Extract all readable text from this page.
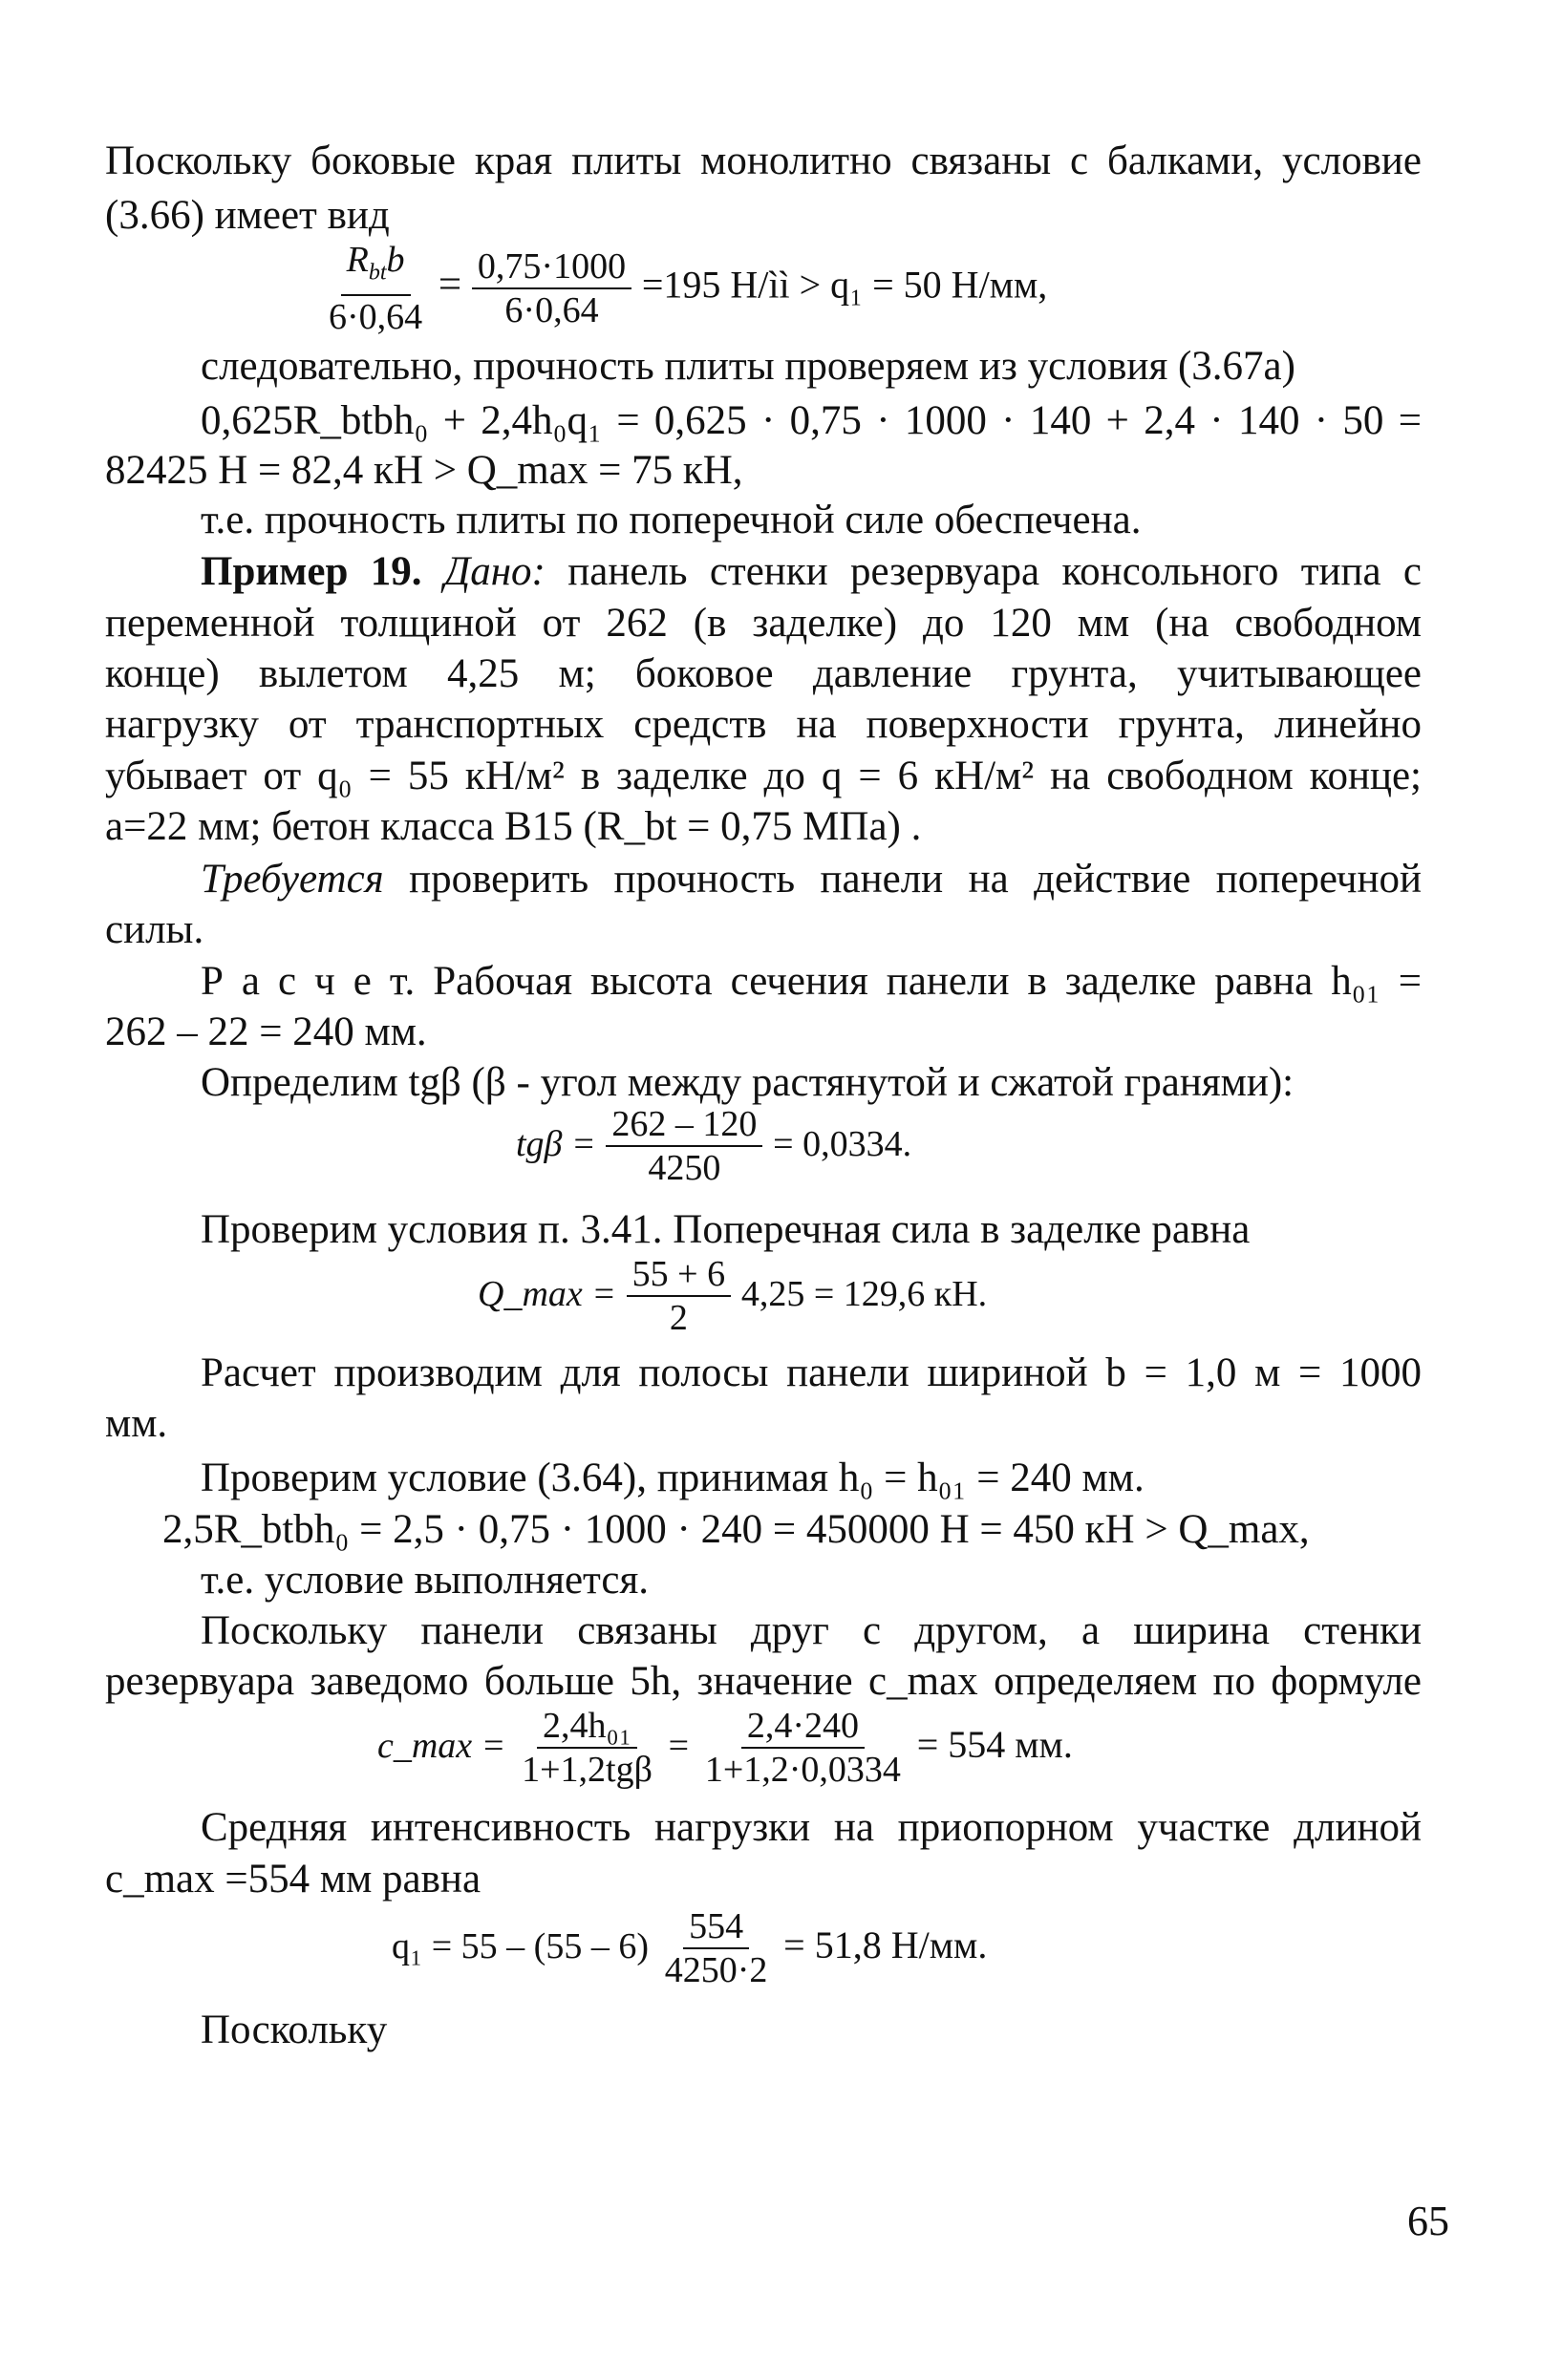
Поскольку боковые края плиты монолитно связаны с балками, условие
(3.66) имеет вид
$\frac{R_{bt}b}{6\cdot 0,64} = \frac{0,75\cdot 1000}{6\cdot 0,64} =195$ Н/ìì > q₁ = 50 Н/мм,
следовательно, прочность плиты проверяем из условия (3.67а)
0,625R_btbh₀ + 2,4h₀q₁ = 0,625 · 0,75 · 1000 · 140 + 2,4 · 140 · 50 =
82425 Н = 82,4 кН > Q_max = 75 кН,
т.е. прочность плиты по поперечной силе обеспечена.
Пример 19. Дано: панель стенки резервуара консольного типа с
переменной толщиной от 262 (в заделке) до 120 мм (на свободном
конце) вылетом 4,25 м; боковое давление грунта, учитывающее
нагрузку от транспортных средств на поверхности грунта, линейно
убывает от q₀ = 55 кН/м² в заделке до q = 6 кН/м² на свободном конце;
a=22 мм; бетон класса В15 (R_bt = 0,75 МПа) .
Требуется проверить прочность панели на действие поперечной
силы.
Р а с ч е т. Рабочая высота сечения панели в заделке равна h₀₁ =
262 – 22 = 240 мм.
Определим tgβ (β - угол между растянутой и сжатой гранями):
$tg\beta = \frac{262 - 120}{4250} = 0,0334$.
Проверим условия п. 3.41. Поперечная сила в заделке равна
Q_max = $\frac{55 + 6}{2} 4,25 = 129,6$ кН.
Расчет производим для полосы панели шириной b = 1,0 м = 1000
мм.
Проверим условие (3.64), принимая h₀ = h₀₁ = 240 мм.
2,5R_btbh₀ = 2,5 · 0,75 · 1000 · 240 = 450000 Н = 450 кН > Q_max,
т.е. условие выполняется.
Поскольку панели связаны друг с другом, а ширина стенки
резервуара заведомо больше 5h, значение c_max определяем по формуле
c_max = $\frac{\text{2,4h₀₁}}{\text{1+1,2tgβ}} = \frac{2,4\cdot 240}{1+1,2\cdot 0,0334} = 554$ мм.
Средняя интенсивность нагрузки на приопорном участке длиной
c_max =554 мм равна
$q_1 = 55 - (55 - 6) \frac{554}{4250\cdot 2} = 51,8$ Н/мм.
Поскольку
65
